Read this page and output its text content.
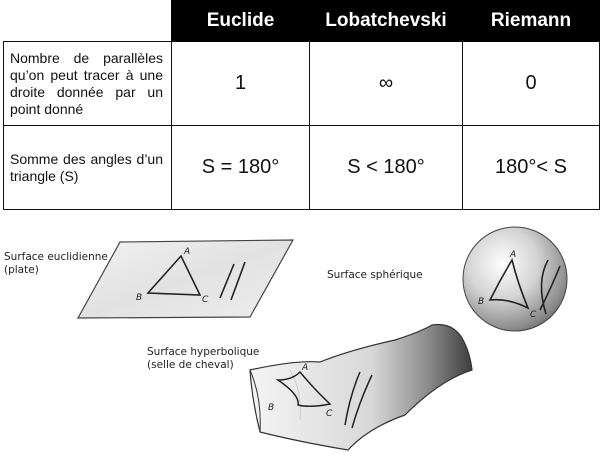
	Euclide	Lobatchevski	Riemann
Nombre de parallèles qu’on peut tracer à une droite donnée par un point donné	1	∞	0
Somme des angles d’un triangle (S)	S = 180°	S < 180°	180°< S
A
B	C
A
B
C
A
B
C
Surface euclidienne
(plate)	Surface sphérique
Surface hyperbolique
(selle de cheval)
